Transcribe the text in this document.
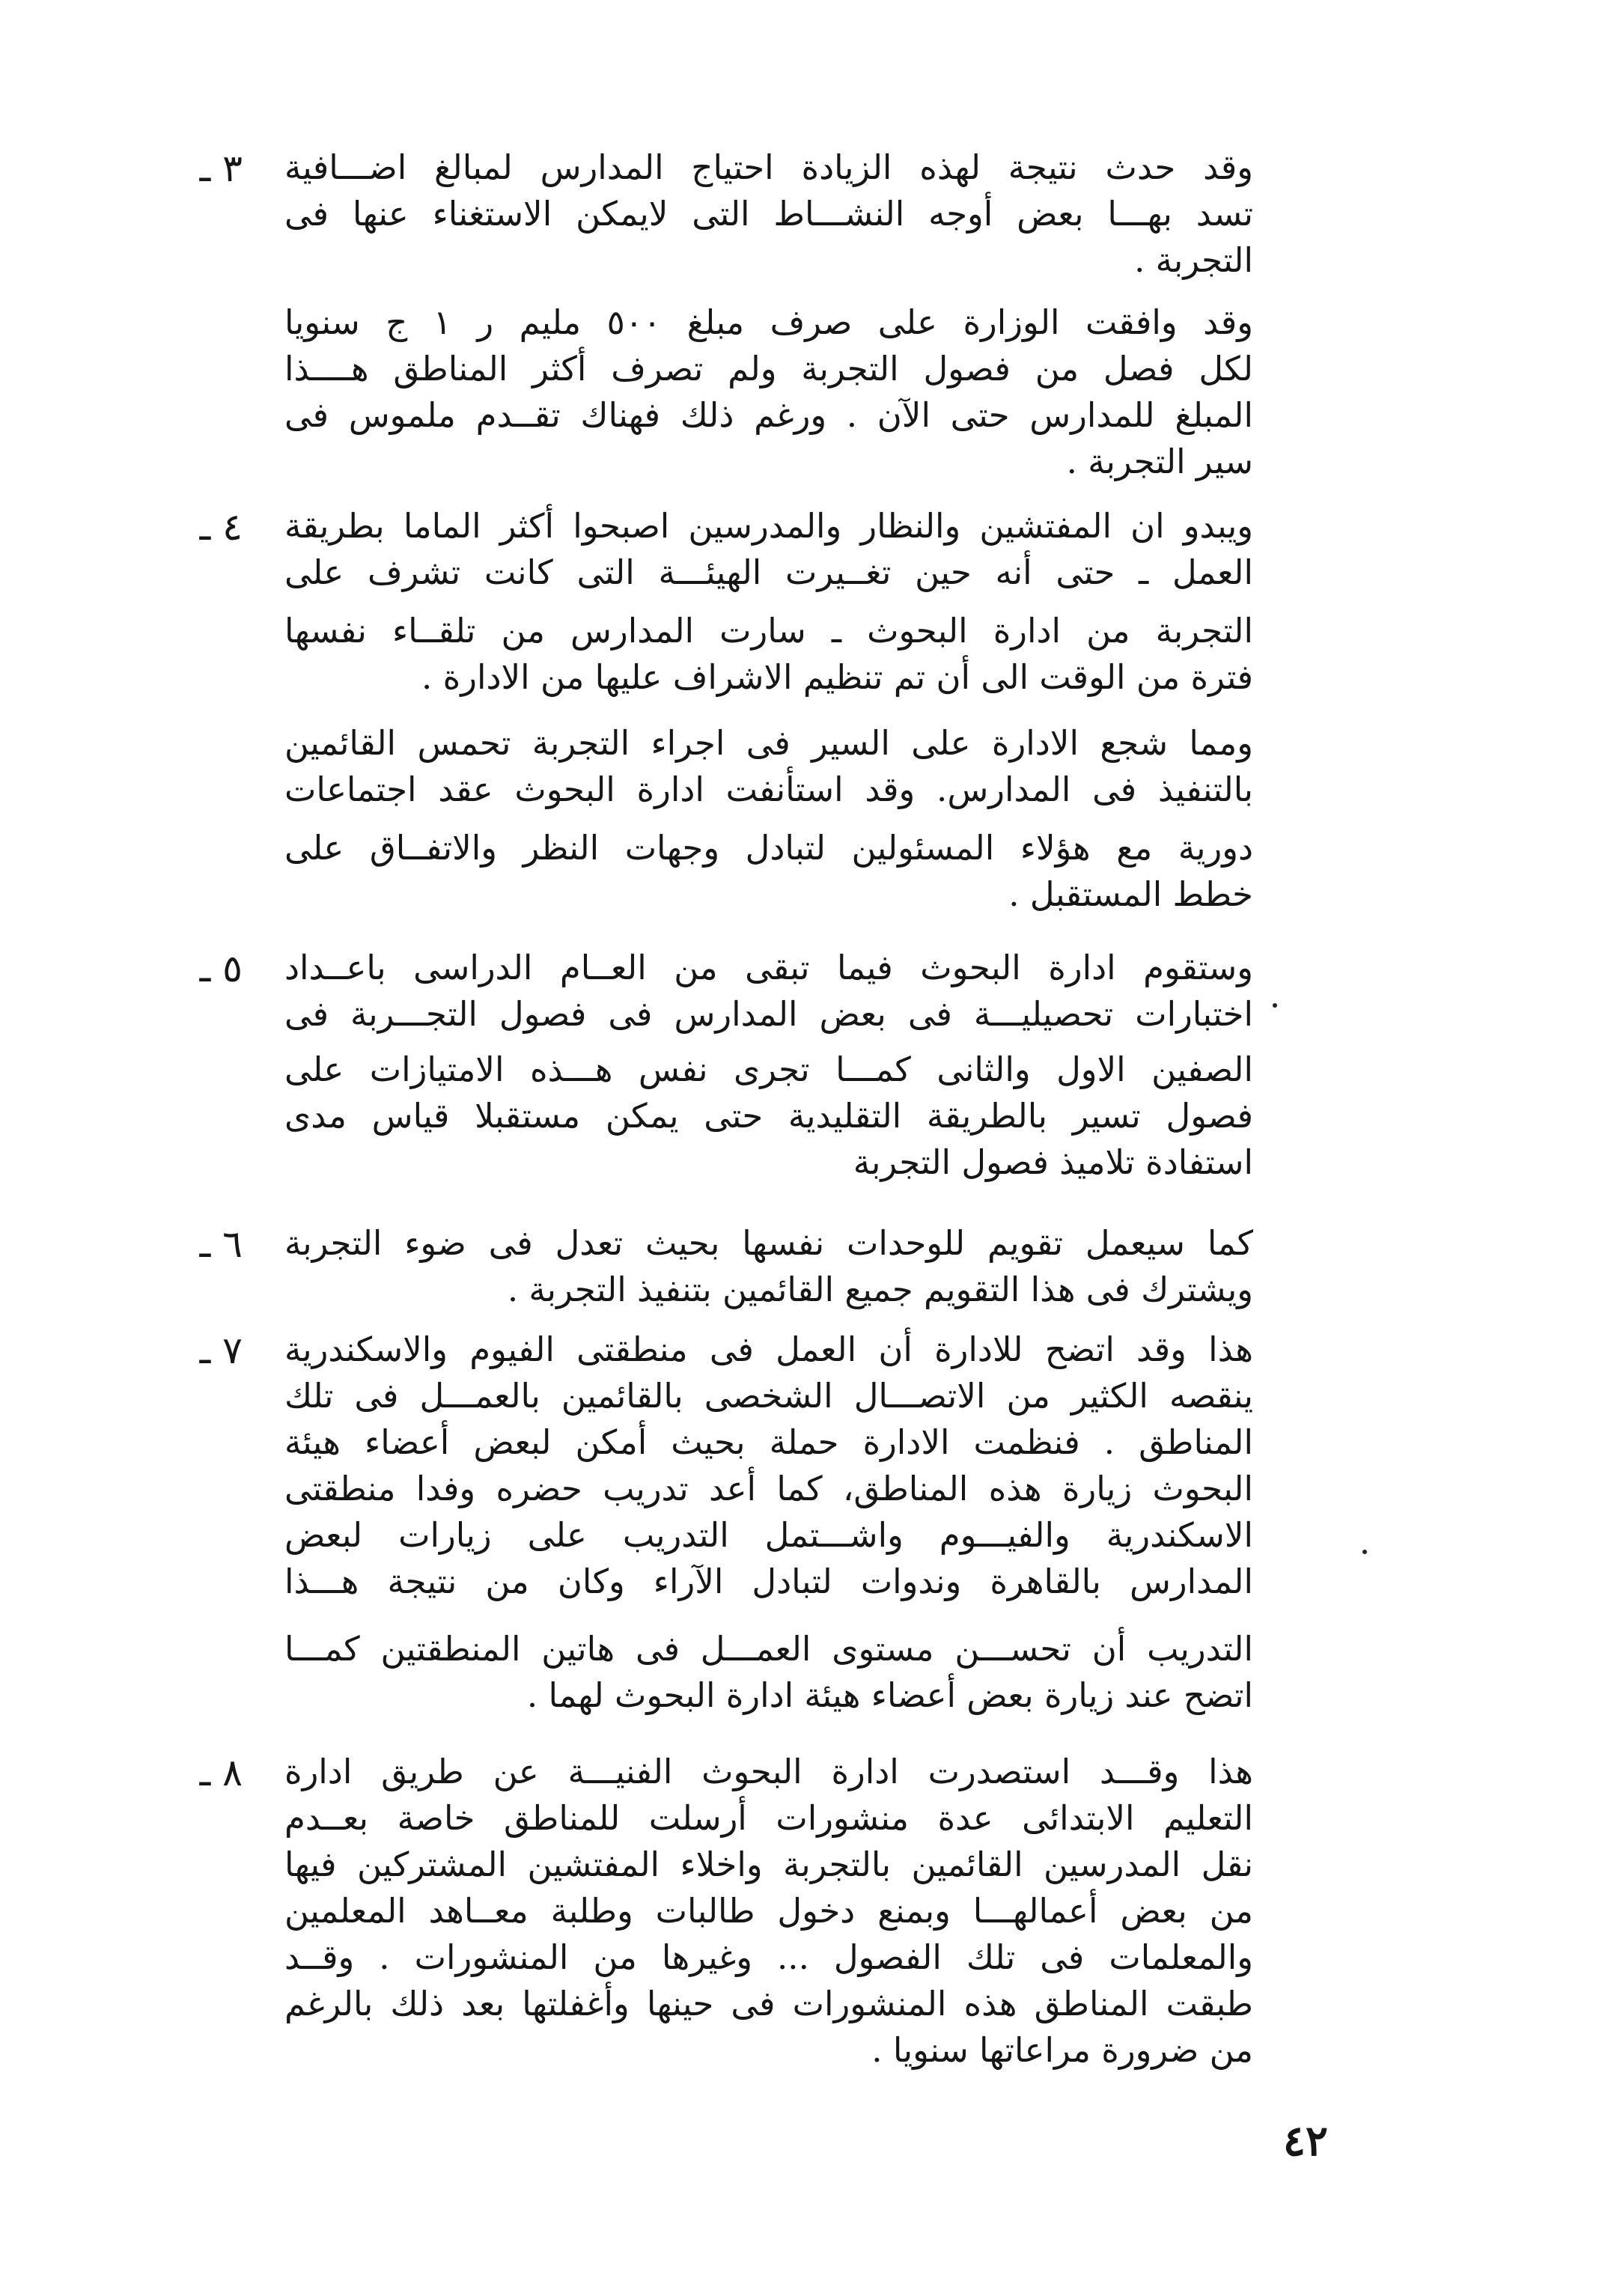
٣ ـ وقد حدث نتيجة لهذه الزيادة احتياج المدارس لمبالغ اضـــافية
تسد بهـــا بعض أوجه النشـــاط التى لايمكن الاستغناء عنها فى
التجربة .

وقد وافقت الوزارة على صرف مبلغ ٥٠٠ مليم ر ١ ج سنويا
لكل فصل من فصول التجربة ولم تصرف أكثر المناطق هــــذا
المبلغ للمدارس حتى الآن . ورغم ذلك فهناك تقــدم ملموس فى
سير التجربة .

٤ ـ ويبدو ان المفتشين والنظار والمدرسين اصبحوا أكثر الماما بطريقة
العمل ـ حتى أنه حين تغــيرت الهيئـــة التى كانت تشرف على

التجربة من ادارة البحوث ـ سارت المدارس من تلقــاء نفسها
فترة من الوقت الى أن تم تنظيم الاشراف عليها من الادارة .

ومما شجع الادارة على السير فى اجراء التجربة تحمس القائمين
بالتنفيذ فى المدارس. وقد استأنفت ادارة البحوث عقد اجتماعات

دورية مع هؤلاء المسئولين لتبادل وجهات النظر والاتفــاق على
خطط المستقبل .

٥ ـ وستقوم ادارة البحوث فيما تبقى من العــام الدراسى باعــداد
اختبارات تحصيليـــة فى بعض المدارس فى فصول التجـــربة فى

الصفين الاول والثانى كمـــا تجرى نفس هـــذه الامتيازات على
فصول تسير بالطريقة التقليدية حتى يمكن مستقبلا قياس مدى
استفادة تلاميذ فصول التجربة

٦ ـ كما سيعمل تقويم للوحدات نفسها بحيث تعدل فى ضوء التجربة
ويشترك فى هذا التقويم جميع القائمين بتنفيذ التجربة .

٧ ـ هذا وقد اتضح للادارة أن العمل فى منطقتى الفيوم والاسكندرية
ينقصه الكثير من الاتصـــال الشخصى بالقائمين بالعمـــل فى تلك
المناطق . فنظمت الادارة حملة بحيث أمكن لبعض أعضاء هيئة
البحوث زيارة هذه المناطق، كما أعد تدريب حضره وفدا منطقتى
الاسكندرية والفيـــوم واشـــتمل التدريب على زيارات لبعض
المدارس بالقاهرة وندوات لتبادل الآراء وكان من نتيجة هـــذا

التدريب أن تحســـن مستوى العمـــل فى هاتين المنطقتين كمـــا
اتضح عند زيارة بعض أعضاء هيئة ادارة البحوث لهما .

٨ ـ هذا وقـــد استصدرت ادارة البحوث الفنيـــة عن طريق ادارة
التعليم الابتدائى عدة منشورات أرسلت للمناطق خاصة بعــدم
نقل المدرسين القائمين بالتجربة واخلاء المفتشين المشتركين فيها
من بعض أعمالهـــا وبمنع دخول طالبات وطلبة معــاهد المعلمين
والمعلمات فى تلك الفصول ... وغيرها من المنشورات . وقــد
طبقت المناطق هذه المنشورات فى حينها وأغفلتها بعد ذلك بالرغم
من ضرورة مراعاتها سنويا .

٤٢
